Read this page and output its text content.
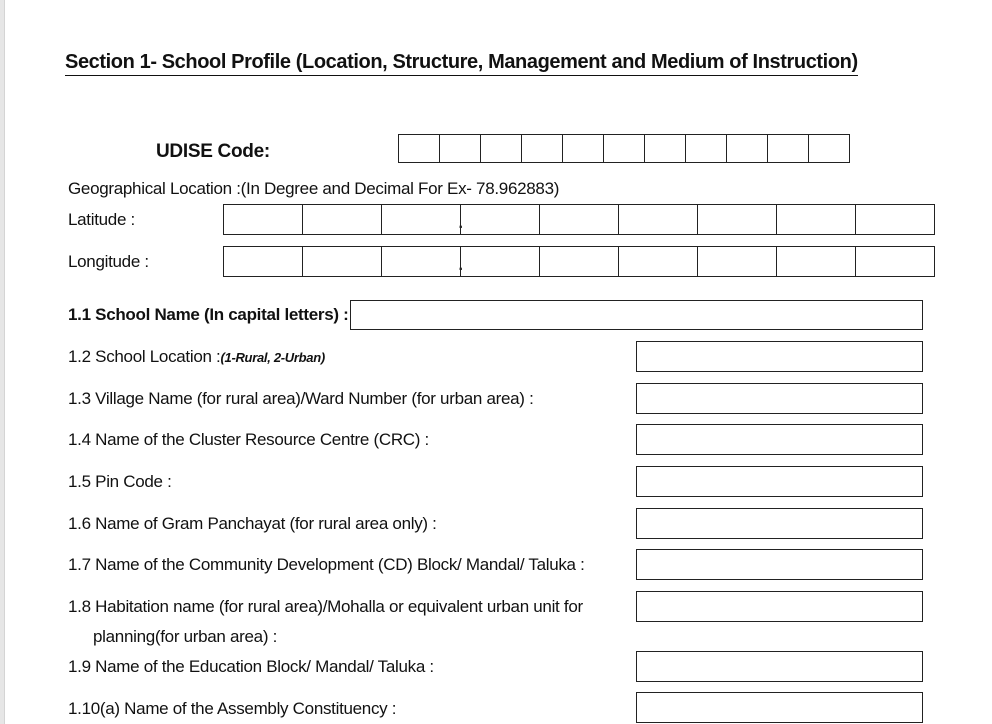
Section 1- School Profile (Location, Structure, Management and Medium of Instruction)
UDISE Code:
Geographical Location :(In Degree and Decimal For Ex- 78.962883)
Latitude :	.
Longitude :	.
1.1 School Name (In capital letters) :
1.2 School Location :(1-Rural, 2-Urban)
1.3 Village Name (for rural area)/Ward Number (for urban area) :
1.4 Name of the Cluster Resource Centre (CRC) :
1.5 Pin Code :
1.6 Name of Gram Panchayat (for rural area only) :
1.7 Name of the Community Development (CD) Block/ Mandal/ Taluka :
1.8 Habitation name (for rural area)/Mohalla or equivalent urban unit for
planning(for urban area) :
1.9 Name of the Education Block/ Mandal/ Taluka :
1.10(a) Name of the Assembly Constituency :
